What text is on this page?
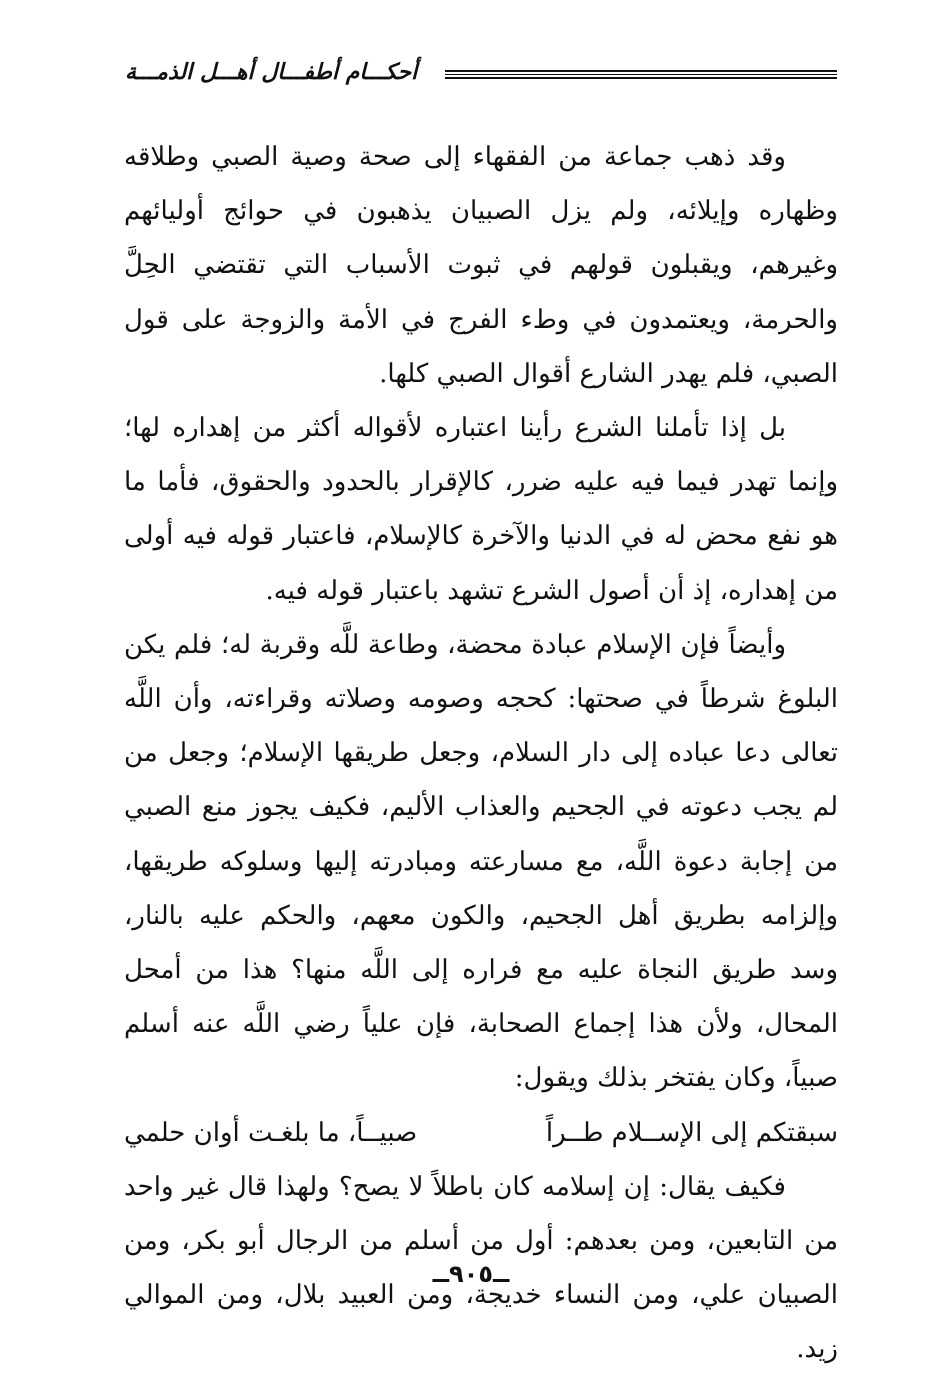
أحكـــام أطفـــال أهـــل الذمـــة

وقد ذهب جماعة من الفقهاء إلى صحة وصية الصبي وطلاقه وظهاره وإيلائه، ولم يزل الصبيان يذهبون في حوائج أوليائهم وغيرهم، ويقبلون قولهم في ثبوت الأسباب التي تقتضي الحِلَّ والحرمة، ويعتمدون في وطء الفرج في الأمة والزوجة على قول الصبي، فلم يهدر الشارع أقوال الصبي كلها.

بل إذا تأملنا الشرع رأينا اعتباره لأقواله أكثر من إهداره لها؛ وإنما تهدر فيما فيه عليه ضرر، كالإقرار بالحدود والحقوق، فأما ما هو نفع محض له في الدنيا والآخرة كالإسلام، فاعتبار قوله فيه أولى من إهداره، إذ أن أصول الشرع تشهد باعتبار قوله فيه.

وأيضاً فإن الإسلام عبادة محضة، وطاعة للَّه وقربة له؛ فلم يكن البلوغ شرطاً في صحتها: كحجه وصومه وصلاته وقراءته، وأن اللَّه تعالى دعا عباده إلى دار السلام، وجعل طريقها الإسلام؛ وجعل من لم يجب دعوته في الجحيم والعذاب الأليم، فكيف يجوز منع الصبي من إجابة دعوة اللَّه، مع مسارعته ومبادرته إليها وسلوكه طريقها، وإلزامه بطريق أهل الجحيم، والكون معهم، والحكم عليه بالنار، وسد طريق النجاة عليه مع فراره إلى اللَّه منها؟ هذا من أمحل المحال، ولأن هذا إجماع الصحابة، فإن علياً رضي اللَّه عنه أسلم صبياً، وكان يفتخر بذلك ويقول:

سبقتكم إلى الإســلام طــراً
صبيــاً، ما بلغـت أوان حلمي

فكيف يقال: إن إسلامه كان باطلاً لا يصح؟ ولهذا قال غير واحد من التابعين، ومن بعدهم: أول من أسلم من الرجال أبو بكر، ومن الصبيان علي، ومن النساء خديجة، ومن العبيد بلال، ومن الموالي زيد.

ــ٩٠٥ــ
